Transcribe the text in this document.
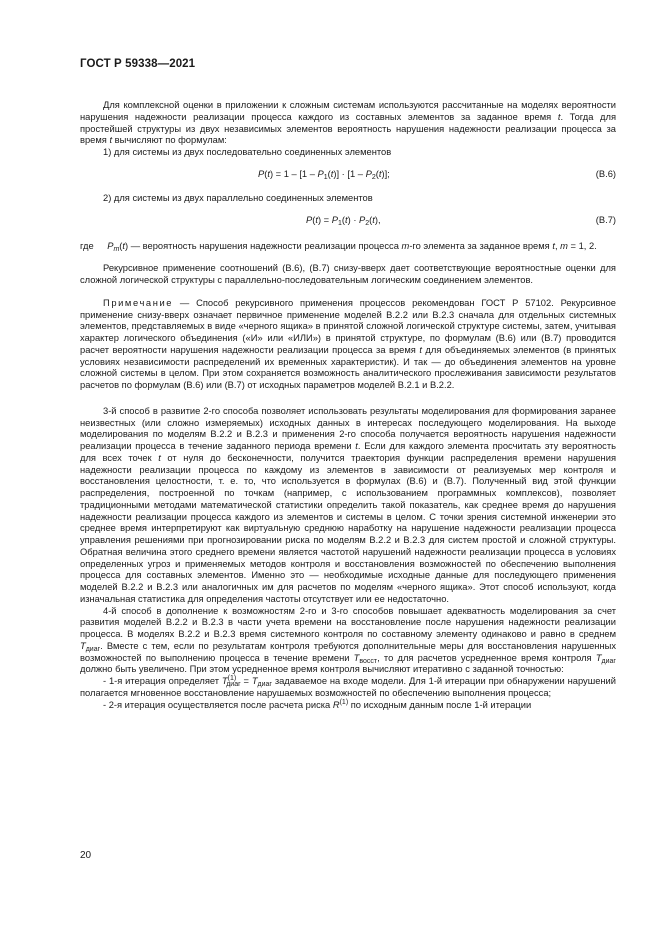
ГОСТ Р 59338—2021

Для комплексной оценки в приложении к сложным системам используются рассчитанные на моделях вероятности нарушения надежности реализации процесса каждого из составных элементов за заданное время t. Тогда для простейшей структуры из двух независимых элементов вероятность нарушения надежности реализации процесса за время t вычисляют по формулам:

1) для системы из двух последовательно соединенных элементов

$P(t) = 1 - [1 - P_1(t)] \cdot [1 - P_2(t)]$;	(В.6)

2) для системы из двух параллельно соединенных элементов

$P(t) = P_1(t) \cdot P_2(t)$,	(В.7)
где	$P_m(t)$ — вероятность нарушения надежности реализации процесса m-го элемента за заданное время t, m = 1, 2.

Рекурсивное применение соотношений (В.6), (В.7) снизу-вверх дает соответствующие вероятностные оценки для сложной логической структуры с параллельно-последовательным логическим соединением элементов.

Примечание — Способ рекурсивного применения процессов рекомендован ГОСТ Р 57102. Рекурсивное применение снизу-вверх означает первичное применение моделей В.2.2 или В.2.3 сначала для отдельных системных элементов, представляемых в виде «черного ящика» в принятой сложной логической структуре системы, затем, учитывая характер логического объединения («И» или «ИЛИ») в принятой структуре, по формулам (В.6) или (В.7) проводится расчет вероятности нарушения надежности реализации процесса за время t для объединяемых элементов (в принятых условиях независимости распределений их временных характеристик). И так — до объединения элементов на уровне сложной системы в целом. При этом сохраняется возможность аналитического прослеживания зависимости результатов расчетов по формулам (В.6) или (В.7) от исходных параметров моделей В.2.1 и В.2.2.

3-й способ в развитие 2-го способа позволяет использовать результаты моделирования для формирования заранее неизвестных (или сложно измеряемых) исходных данных в интересах последующего моделирования. На выходе моделирования по моделям В.2.2 и В.2.3 и применения 2-го способа получается вероятность нарушения надежности реализации процесса в течение заданного периода времени t. Если для каждого элемента просчитать эту вероятность для всех точек t от нуля до бесконечности, получится траектория функции распределения времени нарушения надежности реализации процесса по каждому из элементов в зависимости от реализуемых мер контроля и восстановления целостности, т. е. то, что используется в формулах (В.6) и (В.7). Полученный вид этой функции распределения, построенной по точкам (например, с использованием программных комплексов), позволяет традиционными методами математической статистики определить такой показатель, как среднее время до нарушения надежности реализации процесса каждого из элементов и системы в целом. С точки зрения системной инженерии это среднее время интерпретируют как виртуальную среднюю наработку на нарушение надежности реализации процесса управления решениями при прогнозировании риска по моделям В.2.2 и В.2.3 для систем простой и сложной структуры. Обратная величина этого среднего времени является частотой нарушений надежности реализации процесса в условиях определенных угроз и применяемых методов контроля и восстановления возможностей по обеспечению выполнения процесса для составных элементов. Именно это — необходимые исходные данные для последующего применения моделей В.2.2 и В.2.3 или аналогичных им для расчетов по моделям «черного ящика». Этот способ используют, когда изначальная статистика для определения частоты отсутствует или ее недостаточно.

4-й способ в дополнение к возможностям 2-го и 3-го способов повышает адекватность моделирования за счет развития моделей В.2.2 и В.2.3 в части учета времени на восстановление после нарушения надежности реализации процесса. В моделях В.2.2 и В.2.3 время системного контроля по составному элементу одинаково и равно в среднем $T_{диаг}$. Вместе с тем, если по результатам контроля требуются дополнительные меры для восстановления нарушенных возможностей по выполнению процесса в течение времени $T_{восст}$, то для расчетов усредненное время контроля $T_{диаг}$ должно быть увеличено. При этом усредненное время контроля вычисляют итеративно с заданной точностью:

- 1-я итерация определяет $T^{(1)}_{диаг} = T_{диаг}$ задаваемое на входе модели. Для 1-й итерации при обнаружении нарушений полагается мгновенное восстановление нарушаемых возможностей по обеспечению выполнения процесса;

- 2-я итерация осуществляется после расчета риска $R^{(1)}$ по исходным данным после 1-й итерации

20
